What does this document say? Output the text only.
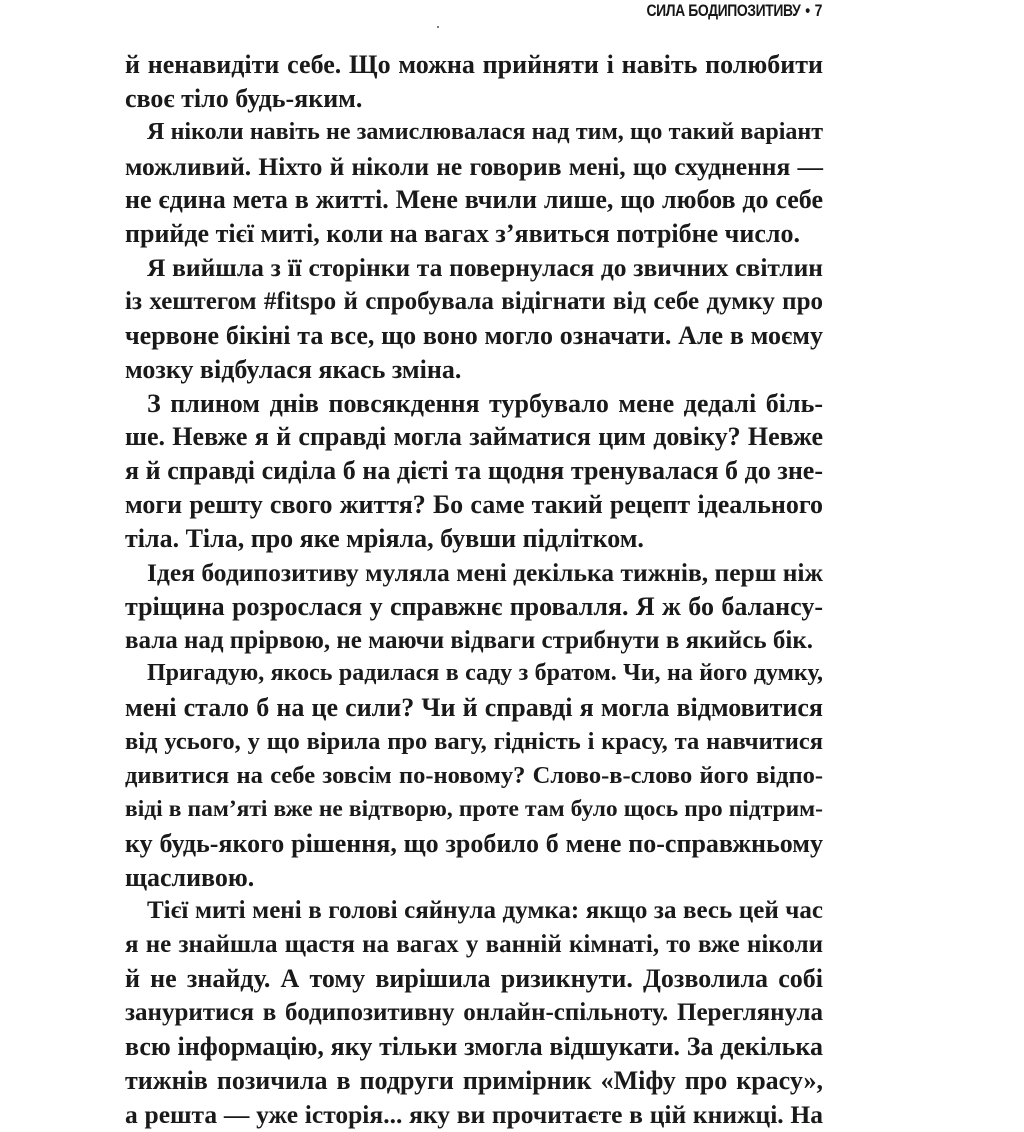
СИЛА БОДИПОЗИТИВУ • 7
й ненавидіти себе. Що можна прийняти і навіть полюбити
своє тіло будь-яким.
Я ніколи навіть не замислювалася над тим, що такий варіант
можливий. Ніхто й ніколи не говорив мені, що схуднення —
не єдина мета в житті. Мене вчили лише, що любов до себе
прийде тієї миті, коли на вагах з’явиться потрібне число.
Я вийшла з її сторінки та повернулася до звичних світлин
із хештегом #fitspo й спробувала відігнати від себе думку про
червоне бікіні та все, що воно могло означати. Але в моєму
мозку відбулася якась зміна.
З плином днів повсякдення турбувало мене дедалі біль-
ше. Невже я й справді могла займатися цим довіку? Невже
я й справді сиділа б на дієті та щодня тренувалася б до зне-
моги решту свого життя? Бо саме такий рецепт ідеального
тіла. Тіла, про яке мріяла, бувши підлітком.
Ідея бодипозитиву муляла мені декілька тижнів, перш ніж
тріщина розрослася у справжнє провалля. Я ж бо балансу-
вала над прірвою, не маючи відваги стрибнути в якийсь бік.
Пригадую, якось радилася в саду з братом. Чи, на його думку,
мені стало б на це сили? Чи й справді я могла відмовитися
від усього, у що вірила про вагу, гідність і красу, та навчитися
дивитися на себе зовсім по-новому? Слово-в-слово його відпо-
віді в пам’яті вже не відтворю, проте там було щось про підтрим-
ку будь-якого рішення, що зробило б мене по-справжньому
щасливою.
Тієї миті мені в голові сяйнула думка: якщо за весь цей час
я не знайшла щастя на вагах у ванній кімнаті, то вже ніколи
й не знайду. А тому вирішила ризикнути. Дозволила собі
зануритися в бодипозитивну онлайн-спільноту. Переглянула
всю інформацію, яку тільки змогла відшукати. За декілька
тижнів позичила в подруги примірник «Міфу про красу»,
а решта — уже історія... яку ви прочитаєте в цій книжці. На
